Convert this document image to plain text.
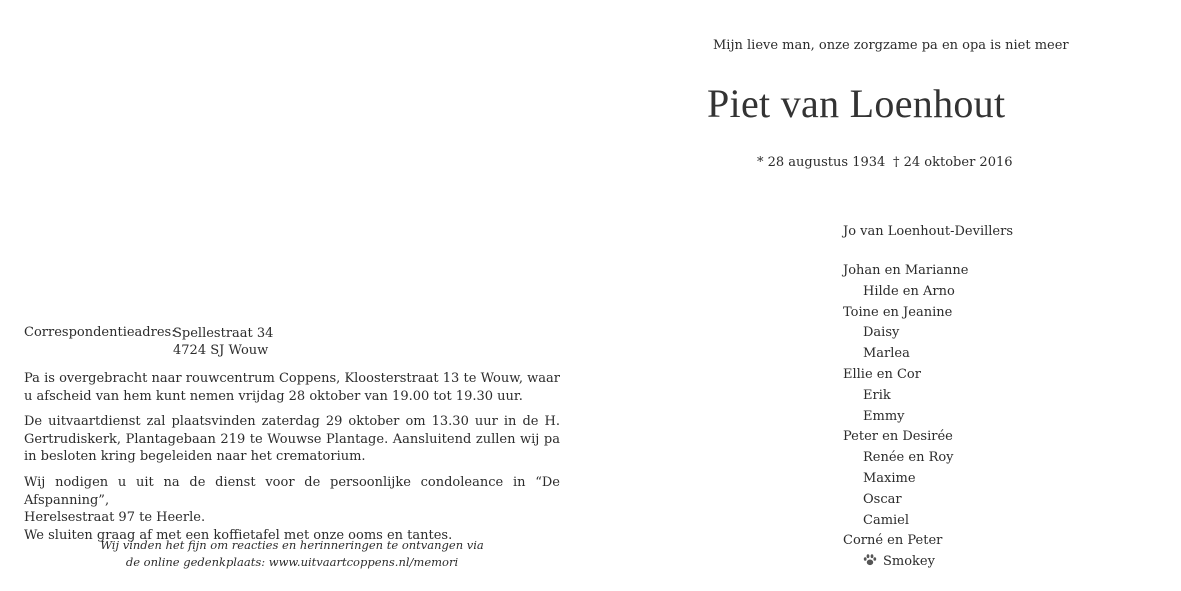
Mijn lieve man, onze zorgzame pa en opa is niet meer
Piet van Loenhout
* 28 augustus 1934 † 24 oktober 2016
Jo van Loenhout-Devillers
Johan en Marianne
Hilde en Arno
Toine en Jeanine
Daisy
Marlea
Ellie en Cor
Erik
Emmy
Peter en Desirée
Renée en Roy
Maxime
Oscar
Camiel
Corné en Peter
Smokey
Correspondentieadres:
Spellestraat 34
4724 SJ Wouw

Pa is overgebracht naar rouwcentrum Coppens, Kloosterstraat 13 te Wouw, waar u afscheid van hem kunt nemen vrijdag 28 oktober van 19.00 tot 19.30 uur.

De uitvaartdienst zal plaatsvinden zaterdag 29 oktober om 13.30 uur in de H. Gertrudiskerk, Plantagebaan 219 te Wouwse Plantage. Aansluitend zullen wij pa in besloten kring begeleiden naar het crematorium.

Wij nodigen u uit na de dienst voor de persoonlijke condoleance in “De Afspanning”,
Herelsestraat 97 te Heerle.
We sluiten graag af met een koffietafel met onze ooms en tantes.

Wij vinden het fijn om reacties en herinneringen te ontvangen via
de online gedenkplaats: www.uitvaartcoppens.nl/memori
